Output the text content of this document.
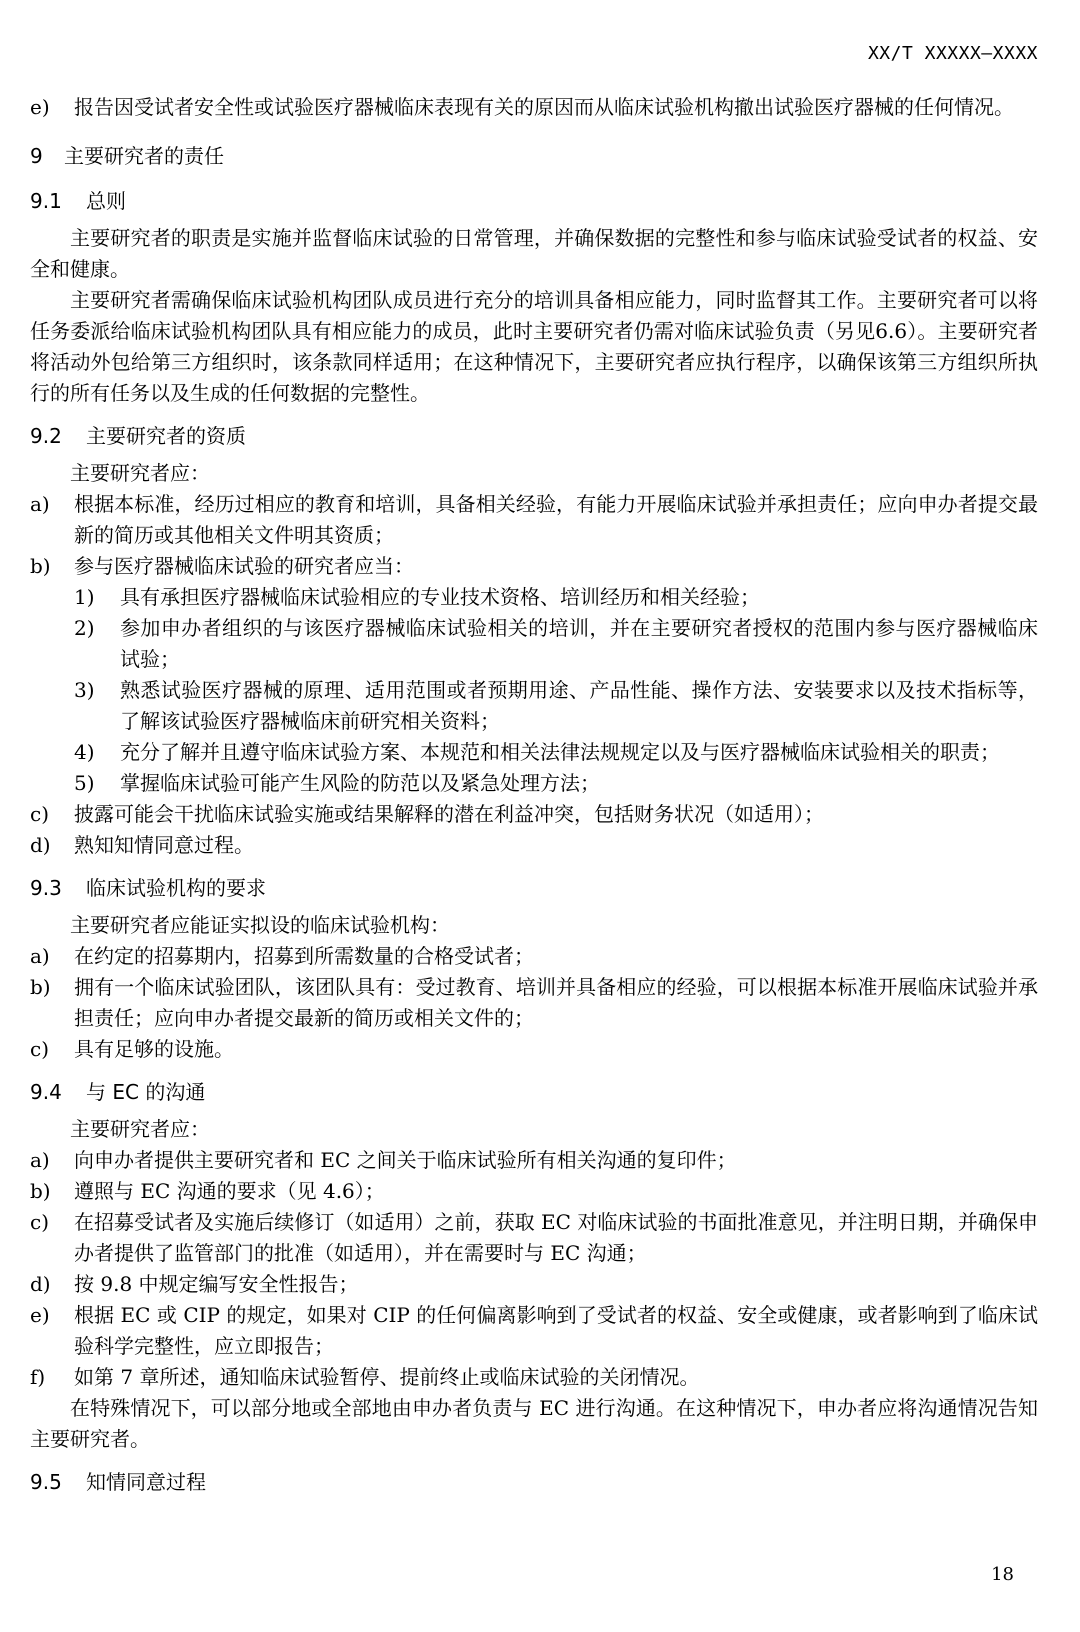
XX/T XXXXX—XXXX
e)	报告因受试者安全性或试验医疗器械临床表现有关的原因而从临床试验机构撤出试验医疗器械的任何情况。
9	主要研究者的责任
9.1	总则

主要研究者的职责是实施并监督临床试验的日常管理，并确保数据的完整性和参与临床试验受试者的权益、安全和健康。

主要研究者需确保临床试验机构团队成员进行充分的培训具备相应能力，同时监督其工作。主要研究者可以将任务委派给临床试验机构团队具有相应能力的成员，此时主要研究者仍需对临床试验负责（另见6.6）。主要研究者将活动外包给第三方组织时，该条款同样适用；在这种情况下，主要研究者应执行程序，以确保该第三方组织所执行的所有任务以及生成的任何数据的完整性。

9.2	主要研究者的资质

主要研究者应：

a)	根据本标准，经历过相应的教育和培训，具备相关经验，有能力开展临床试验并承担责任；应向申办者提交最新的简历或其他相关文件明其资质；
b)	参与医疗器械临床试验的研究者应当：
1)	具有承担医疗器械临床试验相应的专业技术资格、培训经历和相关经验；
2)	参加申办者组织的与该医疗器械临床试验相关的培训，并在主要研究者授权的范围内参与医疗器械临床试验；
3)	熟悉试验医疗器械的原理、适用范围或者预期用途、产品性能、操作方法、安装要求以及技术指标等，了解该试验医疗器械临床前研究相关资料；
4)	充分了解并且遵守临床试验方案、本规范和相关法律法规规定以及与医疗器械临床试验相关的职责；
5)	掌握临床试验可能产生风险的防范以及紧急处理方法；
c)	披露可能会干扰临床试验实施或结果解释的潜在利益冲突，包括财务状况（如适用）；
d)	熟知知情同意过程。
9.3	临床试验机构的要求

主要研究者应能证实拟设的临床试验机构：

a)	在约定的招募期内，招募到所需数量的合格受试者；
b)	拥有一个临床试验团队，该团队具有：受过教育、培训并具备相应的经验，可以根据本标准开展临床试验并承担责任；应向申办者提交最新的简历或相关文件的；
c)	具有足够的设施。
9.4	与 EC 的沟通

主要研究者应：

a)	向申办者提供主要研究者和 EC 之间关于临床试验所有相关沟通的复印件；
b)	遵照与 EC 沟通的要求（见 4.6）；
c)	在招募受试者及实施后续修订（如适用）之前，获取 EC 对临床试验的书面批准意见，并注明日期，并确保申办者提供了监管部门的批准（如适用），并在需要时与 EC 沟通；
d)	按 9.8 中规定编写安全性报告；
e)	根据 EC 或 CIP 的规定，如果对 CIP 的任何偏离影响到了受试者的权益、安全或健康，或者影响到了临床试验科学完整性，应立即报告；
f)	如第 7 章所述，通知临床试验暂停、提前终止或临床试验的关闭情况。

在特殊情况下，可以部分地或全部地由申办者负责与 EC 进行沟通。在这种情况下，申办者应将沟通情况告知主要研究者。

9.5	知情同意过程
18
